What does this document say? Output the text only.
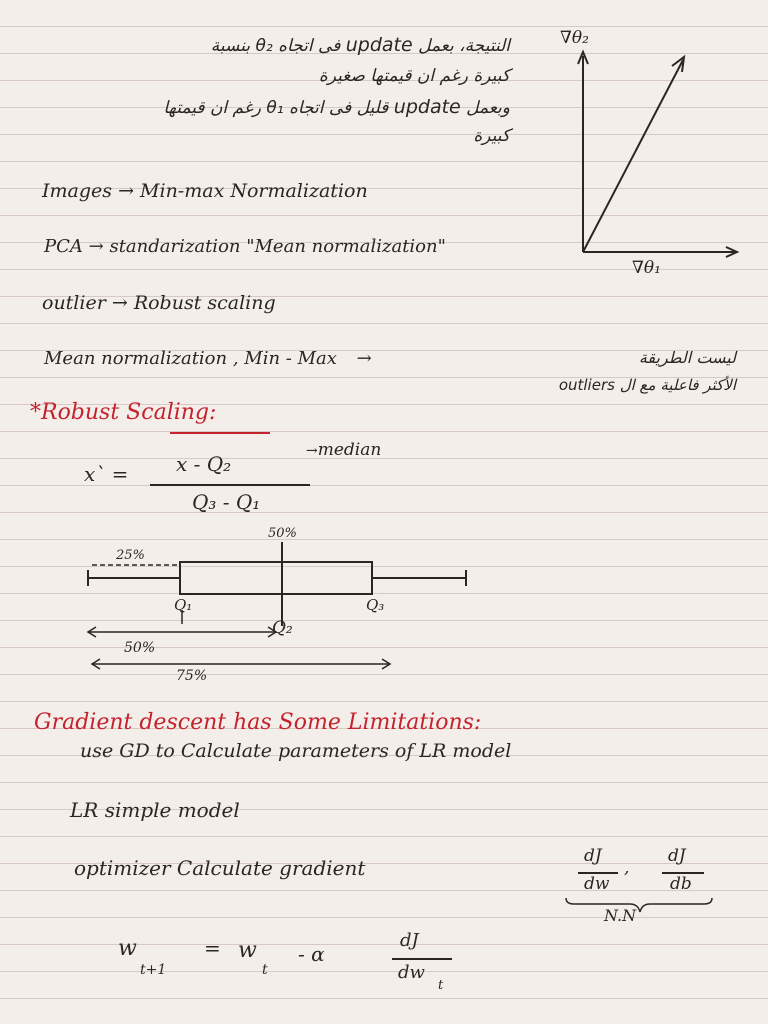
النتيجة، بعمل update فى اتجاه θ₂ بنسبة
كبيرة رغم ان قيمتها صغيرة
وبعمل update قليل فى اتجاه θ₁ رغم ان قيمتها
كبيرة
∇θ₂
∇θ₁
Images → Min-max Normalization
PCA → standarization "Mean normalization"
outlier → Robust scaling
Mean normalization , Min - Max →	ليست الطريقة
الأكثر فاعلية مع ال outliers
*Robust Scaling:
x` = x - Q₂
→median
Q₃ - Q₁
50%
25%
Q₁
Q₂
Q₃
50%
75%
Gradient descent has Some Limitations:
use GD to Calculate parameters of LR model
LR simple model
optimizer Calculate gradient	dJ
dw
,
dJ
db
N.N
w
t+1
= w
t
- α
dJ
dw
t
